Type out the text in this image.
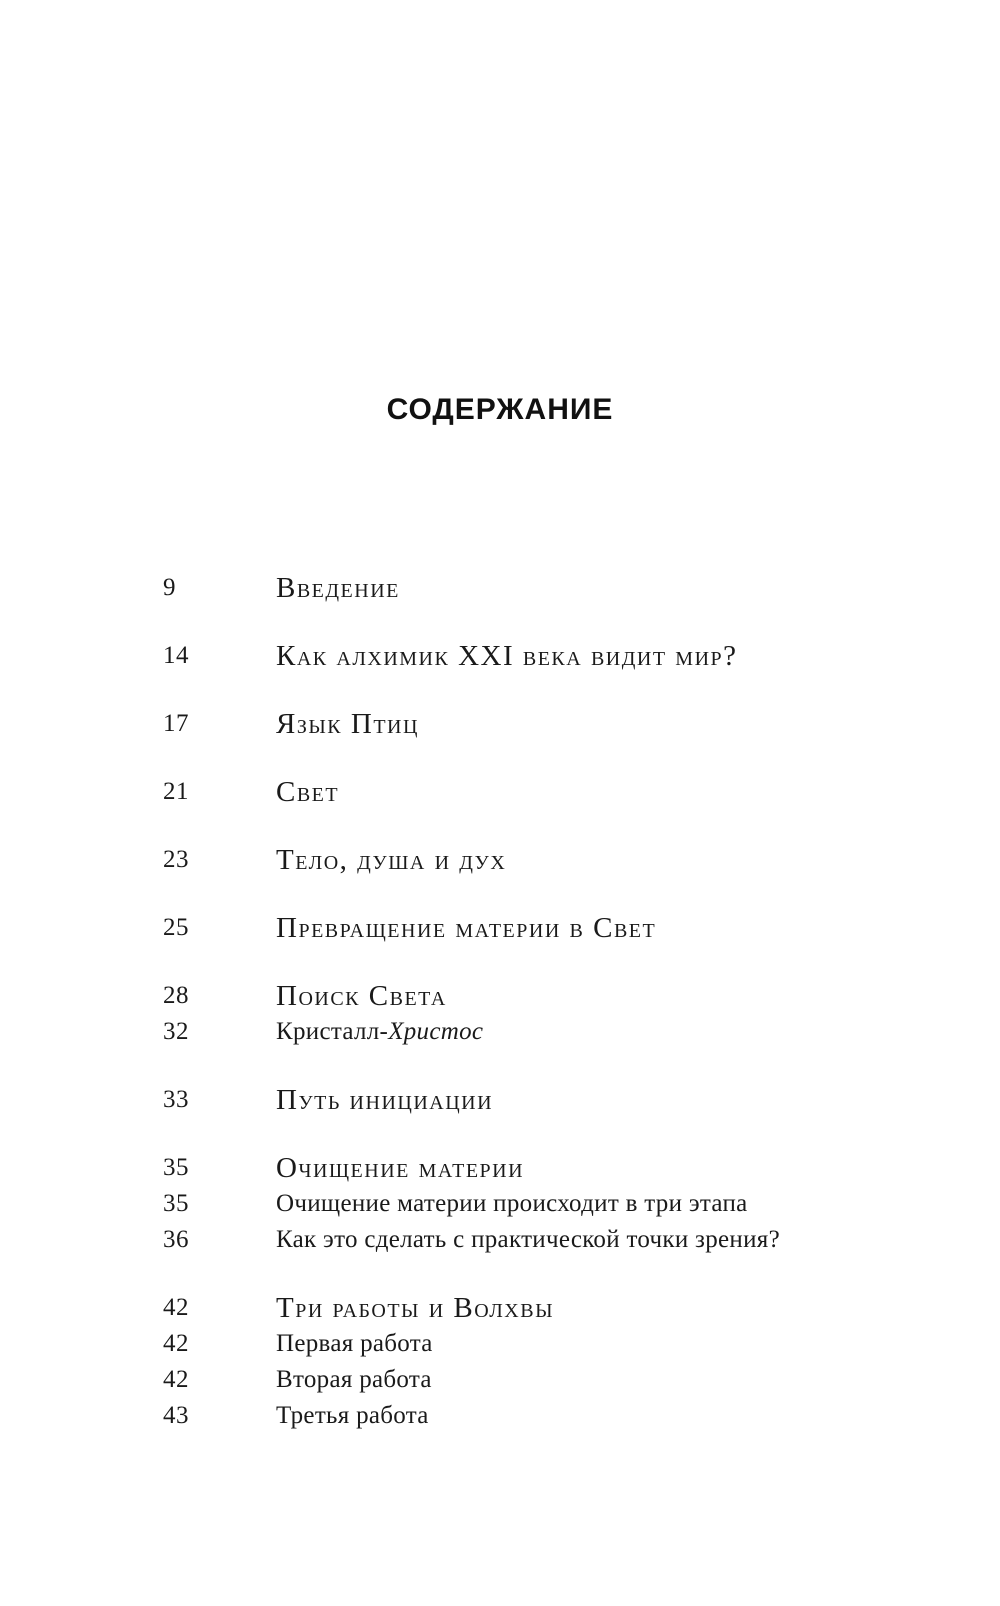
СОДЕРЖАНИЕ
9	Введение
14	Как алхимик XXI века видит мир?
17	Язык Птиц
21	Свет
23	Тело, душа и дух
25	Превращение материи в Свет
28	Поиск Света
32	Кристалл-Христос
33	Путь инициации
35	Очищение материи
35	Очищение материи происходит в три этапа
36	Как это сделать с практической точки зрения?
42	Три работы и Волхвы
42	Первая работа
42	Вторая работа
43	Третья работа
